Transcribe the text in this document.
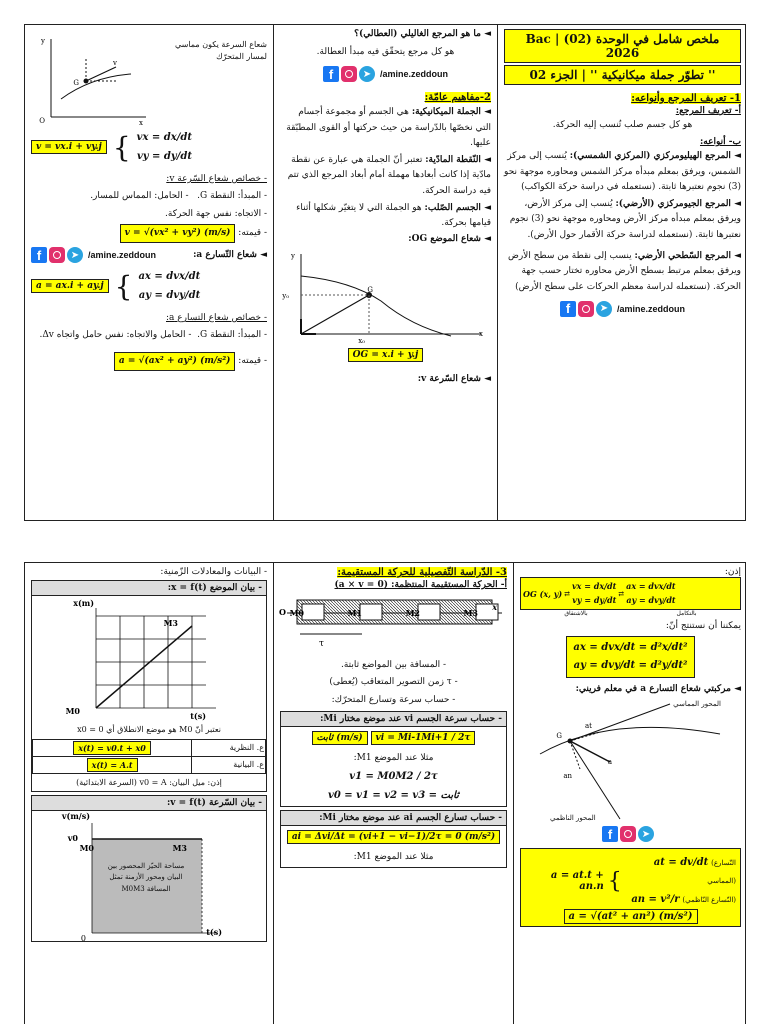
ملخص شامل في الوحدة (02) | Bac 2026
'' تطوّر جملة ميكانيكية '' | الجزء 02
1- تعريف المرجع وأنواعه:
أ- تعريف المرجع:

هو كل جسم صلب تُنسب إليه الحركة.

ب- أنواعه:

◄ المرجع الهيليومركزي (المركزي الشمسي): يُنسب إلى مركز الشمس، ويرفق بمعلم مبدأه مركز الشمس ومحاوره موجهة نحو (3) نجوم نعتبرها ثابتة. (نستعمله في دراسة حركة الكواكب)

◄ المرجع الجيومركزي (الأرضي): يُنسب إلى مركز الأرض، ويرفق بمعلم مبدأه مركز الأرض ومحاوره موجهة نحو (3) نجوم نعتبرها ثابتة. (نستعمله لدراسة حركة الأقمار حول الأرض).

◄ المرجع السّطحي الأرضي: ينسب إلى نقطة من سطح الأرض ويرفق بمعلم مرتبط بسطح الأرض محاوره تختار حسب جهة الحركة. (نستعمله لدراسة معظم الحركات على سطح الأرض)

f	➤ /amine.zeddoun
◄ ما هو المرجع الغاليلي (العطالي)؟

هو كل مرجع يتحقّق فيه مبدأ العطالة.

f	➤ /amine.zeddoun
2-مفاهيم عامّة:

◄ الجملة الميكانيكية: هي الجسم أو مجموعة أجسام التي نخصّها بالدّراسة من حيث حركتها أو القوى المطبّقة عليها.

◄ النّقطة المادّية: تعتبر أنّ الجملة هي عبارة عن نقطة مادّية إذا كانت أبعادها مهملة أمام أبعاد المرجع الذي تتم فيه دراسة الحركة.

◄ الجسم الصّلب: هو الجملة التي لا يتغيّر شكلها أثناء قيامها بحركة.

◄ شعاع الموضع OG:
G
y₀
x₀
x
y
OG = x.i + y.j
◄ شعاع السّرعة v:
G
v
y
x
O
شعاع السرعة يكون مماسي لمسار المتحرّك
v = vx.i + vy.j { vx = dx/dt
vy = dy/dt

- خصائص شعاع السّرعة v:

- المبدأ: النقطة G.   - الحامل: المماس للمسار.

- الاتجاه: نفس جهة الحركة.

- قيمته: v = √(vx² + vy²) (m/s)

f	➤ /amine.zeddoun	◄ شعاع التّسارع a:
a = ax.i + ay.j { ax = dvx/dt
ay = dvy/dt

- خصائص شعاع التسارع a:

- المبدأ: النقطة G.  - الحامل والاتجاه: نفس حامل واتجاه Δv.

- قيمته: a = √(ax² + ay²) (m/s²)

إذن:
OG (x, y) ⇄
vx = dx/dt
vy = dy/dt
⇄
ax = dvx/dt
ay = dvy/dt
بالاشتقاق	بالتكامل

يمكننا أن نستنتج أنّ:

ax = dvx/dt = d²x/dt²
ay = dvy/dt = d²y/dt²
◄ مركبتي شعاع التسارع a في معلم فريني:
G
a
at
an
المحور المماسي
المحور الناظمي
f	➤
a = at.t + an.n {
at = dv/dt (التّسارع المماسي)
an = v²/r (التّسارع النّاظمي)
a = √(at² + an²) (m/s²)
3- الدّراسة التّفصيلية للحركة المستقيمة:
أ- الحركة المستقيمة المنتظمة: (a × v = 0)
M0	M1	M2	M3
O	x
τ

- المسافة بين المواضع ثابتة.

- τ زمن التصوير المتعاقب (يُعطى)

- حساب سرعة وتسارع المتحرّك:

- حساب سرعة الجسم vi عند موضع مختار Mi:
vi = Mi-1Mi+1 / 2τ ثابت (m/s)

مثلا عند الموضع M1:

v1 = M0M2 / 2τ

v0 = v1 = v2 = v3 = ثابت

- حساب تسارع الجسم ai عند موضع مختار Mi:
ai = Δvi/Δt = (vi+1 − vi−1)/2τ = 0 (m/s²)

مثلا عند الموضع M1:

- البيانات والمعادلات الزّمنية:
- بيان الموضع x = f(t):
x(m)
t(s)
M3
M0

نعتبر أنّ M0 هو موضع الانطلاق أي x0 = 0

ع. النظرية	x(t) = v0.t + x0
ع. البيانية	x(t) = A.t

إذن: ميل البيان: v0 = A (السرعة الابتدائية)

- بيان السّرعة v = f(t):
v(m/s)
t(s)
v0
M0	M3
0
مساحة الحيّز المحصور بين البيان ومحور الأزمنة تمثل المسافة M0M3
